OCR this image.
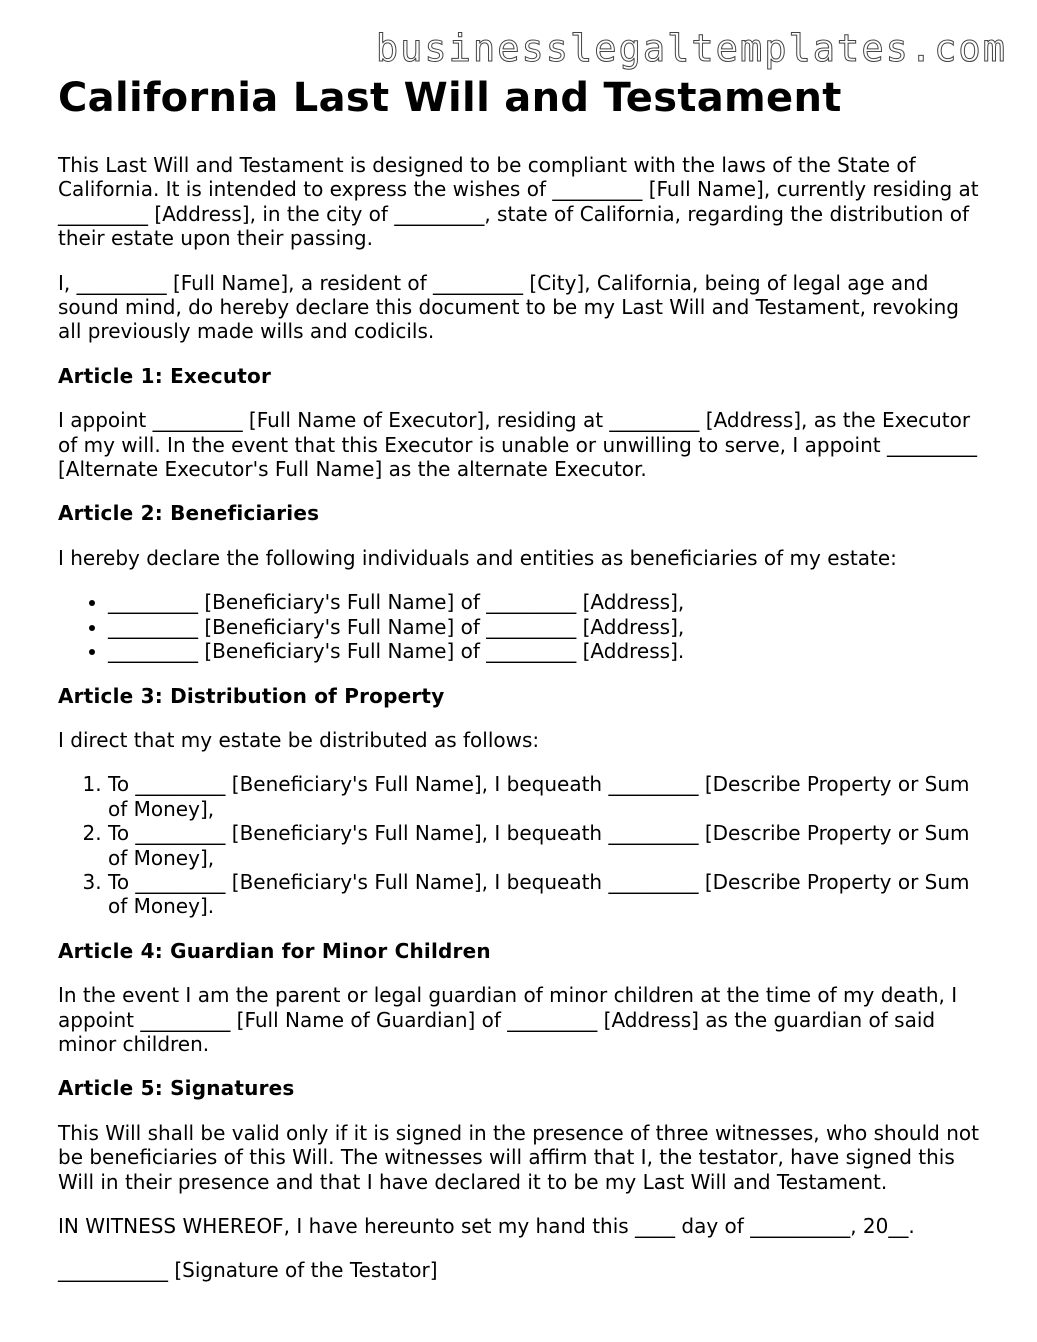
businesslegaltemplates.com
California Last Will and Testament

This Last Will and Testament is designed to be compliant with the laws of the State of California. It is intended to express the wishes of _________ [Full Name], currently residing at _________ [Address], in the city of _________, state of California, regarding the distribution of their estate upon their passing.

I, _________ [Full Name], a resident of _________ [City], California, being of legal age and sound mind, do hereby declare this document to be my Last Will and Testament, revoking all previously made wills and codicils.

Article 1: Executor

I appoint _________ [Full Name of Executor], residing at _________ [Address], as the Executor of my will. In the event that this Executor is unable or unwilling to serve, I appoint _________ [Alternate Executor's Full Name] as the alternate Executor.

Article 2: Beneficiaries

I hereby declare the following individuals and entities as beneficiaries of my estate:

• _________ [Beneficiary's Full Name] of _________ [Address],
• _________ [Beneficiary's Full Name] of _________ [Address],
• _________ [Beneficiary's Full Name] of _________ [Address].
Article 3: Distribution of Property

I direct that my estate be distributed as follows:

1. To _________ [Beneficiary's Full Name], I bequeath _________ [Describe Property or Sum of Money],
2. To _________ [Beneficiary's Full Name], I bequeath _________ [Describe Property or Sum of Money],
3. To _________ [Beneficiary's Full Name], I bequeath _________ [Describe Property or Sum of Money].
Article 4: Guardian for Minor Children

In the event I am the parent or legal guardian of minor children at the time of my death, I appoint _________ [Full Name of Guardian] of _________ [Address] as the guardian of said minor children.

Article 5: Signatures

This Will shall be valid only if it is signed in the presence of three witnesses, who should not be beneficiaries of this Will. The witnesses will affirm that I, the testator, have signed this Will in their presence and that I have declared it to be my Last Will and Testament.

IN WITNESS WHEREOF, I have hereunto set my hand this ____ day of __________, 20__.

___________ [Signature of the Testator]
